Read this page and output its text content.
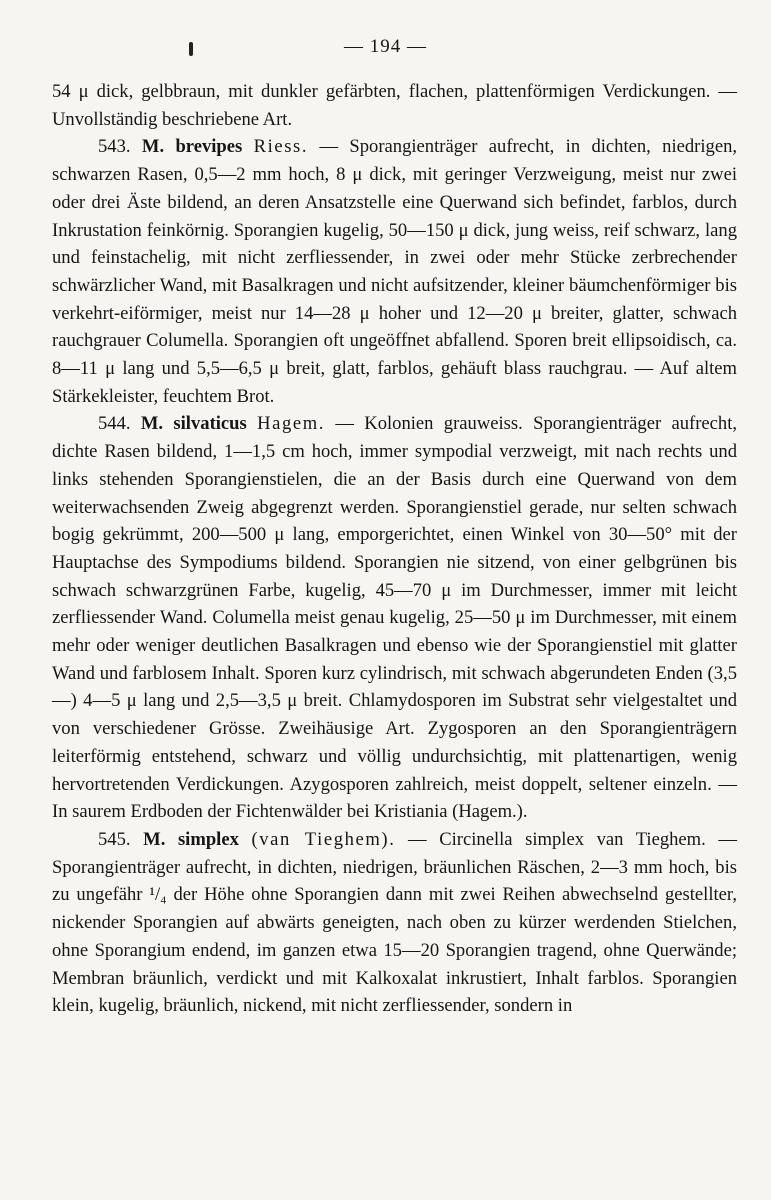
— 194 —

54 μ dick, gelbbraun, mit dunkler gefärbten, flachen, plattenförmigen Verdickungen. — Unvollständig beschriebene Art.

543. M. brevipes Riess. — Sporangienträger aufrecht, in dichten, niedrigen, schwarzen Rasen, 0,5—2 mm hoch, 8 μ dick, mit geringer Verzweigung, meist nur zwei oder drei Äste bildend, an deren Ansatzstelle eine Querwand sich befindet, farblos, durch Inkrustation feinkörnig. Sporangien kugelig, 50—150 μ dick, jung weiss, reif schwarz, lang und feinstachelig, mit nicht zerfliessender, in zwei oder mehr Stücke zerbrechender schwärzlicher Wand, mit Basalkragen und nicht aufsitzender, kleiner bäumchenförmiger bis verkehrt-eiförmiger, meist nur 14—28 μ hoher und 12—20 μ breiter, glatter, schwach rauchgrauer Columella. Sporangien oft ungeöffnet abfallend. Sporen breit ellipsoidisch, ca. 8—11 μ lang und 5,5—6,5 μ breit, glatt, farblos, gehäuft blass rauchgrau. — Auf altem Stärkekleister, feuchtem Brot.

544. M. silvaticus Hagem. — Kolonien grauweiss. Sporangienträger aufrecht, dichte Rasen bildend, 1—1,5 cm hoch, immer sympodial verzweigt, mit nach rechts und links stehenden Sporangienstielen, die an der Basis durch eine Querwand von dem weiterwachsenden Zweig abgegrenzt werden. Sporangienstiel gerade, nur selten schwach bogig gekrümmt, 200—500 μ lang, emporgerichtet, einen Winkel von 30—50° mit der Hauptachse des Sympodiums bildend. Sporangien nie sitzend, von einer gelbgrünen bis schwach schwarzgrünen Farbe, kugelig, 45—70 μ im Durchmesser, immer mit leicht zerfliessender Wand. Columella meist genau kugelig, 25—50 μ im Durchmesser, mit einem mehr oder weniger deutlichen Basalkragen und ebenso wie der Sporangienstiel mit glatter Wand und farblosem Inhalt. Sporen kurz cylindrisch, mit schwach abgerundeten Enden (3,5—) 4—5 μ lang und 2,5—3,5 μ breit. Chlamydosporen im Substrat sehr vielgestaltet und von verschiedener Grösse. Zweihäusige Art. Zygosporen an den Sporangienträgern leiterförmig entstehend, schwarz und völlig undurchsichtig, mit plattenartigen, wenig hervortretenden Verdickungen. Azygosporen zahlreich, meist doppelt, seltener einzeln. — In saurem Erdboden der Fichtenwälder bei Kristiania (Hagem.).

545. M. simplex (van Tieghem). — Circinella simplex van Tieghem. — Sporangienträger aufrecht, in dichten, niedrigen, bräunlichen Räschen, 2—3 mm hoch, bis zu ungefähr ¹/₄ der Höhe ohne Sporangien dann mit zwei Reihen abwechselnd gestellter, nickender Sporangien auf abwärts geneigten, nach oben zu kürzer werdenden Stielchen, ohne Sporangium endend, im ganzen etwa 15—20 Sporangien tragend, ohne Querwände; Membran bräunlich, verdickt und mit Kalkoxalat inkrustiert, Inhalt farblos. Sporangien klein, kugelig, bräunlich, nickend, mit nicht zerfliessender, sondern in
